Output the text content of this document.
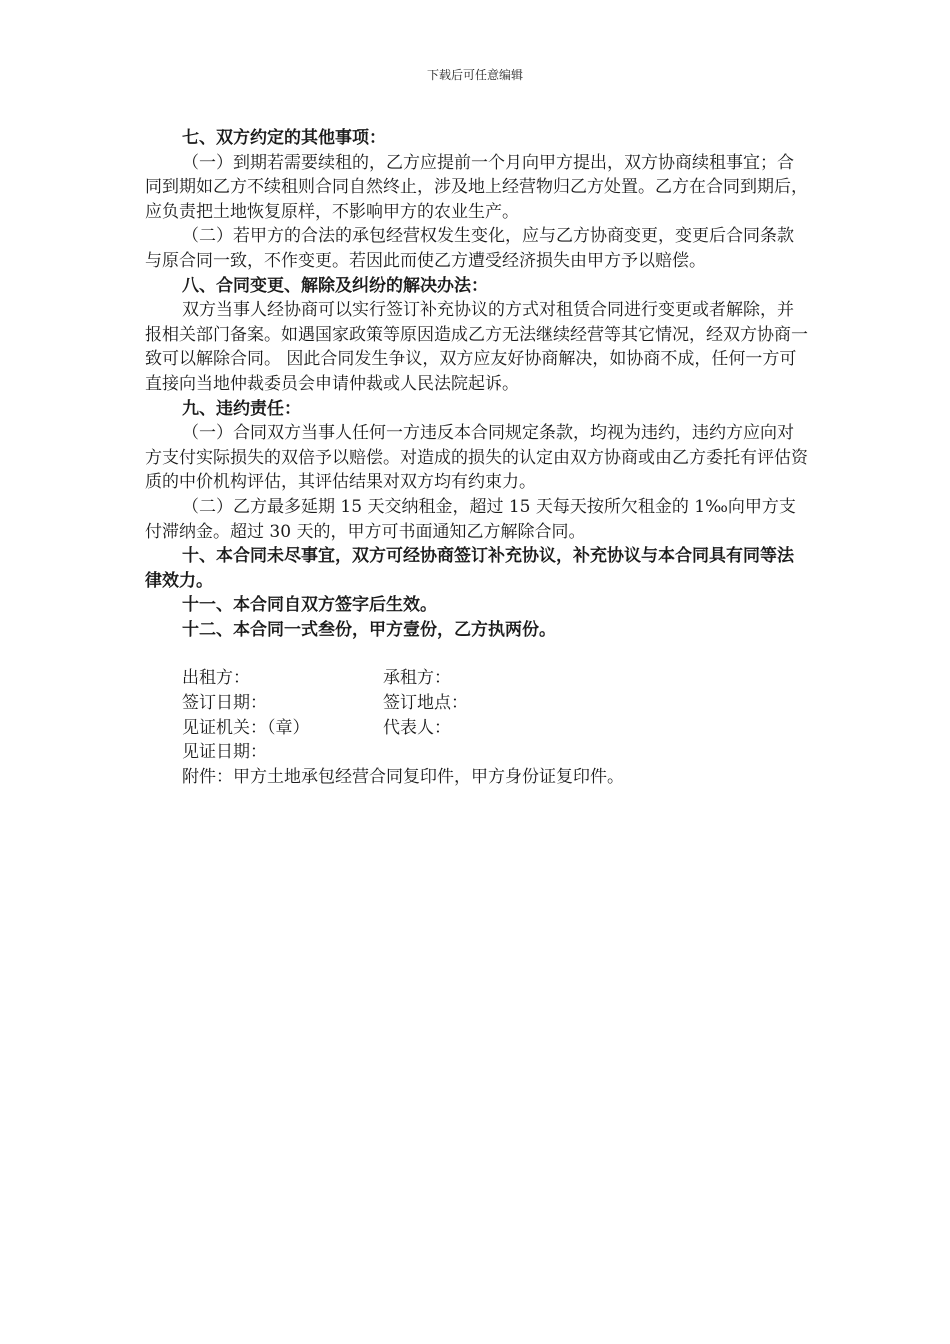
下载后可任意编辑

七、双方约定的其他事项：

（一）到期若需要续租的，乙方应提前一个月向甲方提出，双方协商续租事宜；合同到期如乙方不续租则合同自然终止，涉及地上经营物归乙方处置。乙方在合同到期后，应负责把土地恢复原样，不影响甲方的农业生产。

（二）若甲方的合法的承包经营权发生变化，应与乙方协商变更，变更后合同条款与原合同一致，不作变更。若因此而使乙方遭受经济损失由甲方予以赔偿。

八、合同变更、解除及纠纷的解决办法：

双方当事人经协商可以实行签订补充协议的方式对租赁合同进行变更或者解除，并报相关部门备案。如遇国家政策等原因造成乙方无法继续经营等其它情况，经双方协商一致可以解除合同。 因此合同发生争议，双方应友好协商解决，如协商不成，任何一方可直接向当地仲裁委员会申请仲裁或人民法院起诉。

九、违约责任：

（一）合同双方当事人任何一方违反本合同规定条款，均视为违约，违约方应向对方支付实际损失的双倍予以赔偿。对造成的损失的认定由双方协商或由乙方委托有评估资质的中价机构评估，其评估结果对双方均有约束力。

（二）乙方最多延期 15 天交纳租金，超过 15 天每天按所欠租金的 1‰向甲方支付滞纳金。超过 30 天的，甲方可书面通知乙方解除合同。

十、本合同未尽事宜，双方可经协商签订补充协议，补充协议与本合同具有同等法律效力。

十一、本合同自双方签字后生效。

十二、本合同一式叁份，甲方壹份，乙方执两份。

出租方：	承租方：
签订日期：	签订地点：
见证机关：（章）	代表人：
见证日期：
附件：甲方土地承包经营合同复印件，甲方身份证复印件。
